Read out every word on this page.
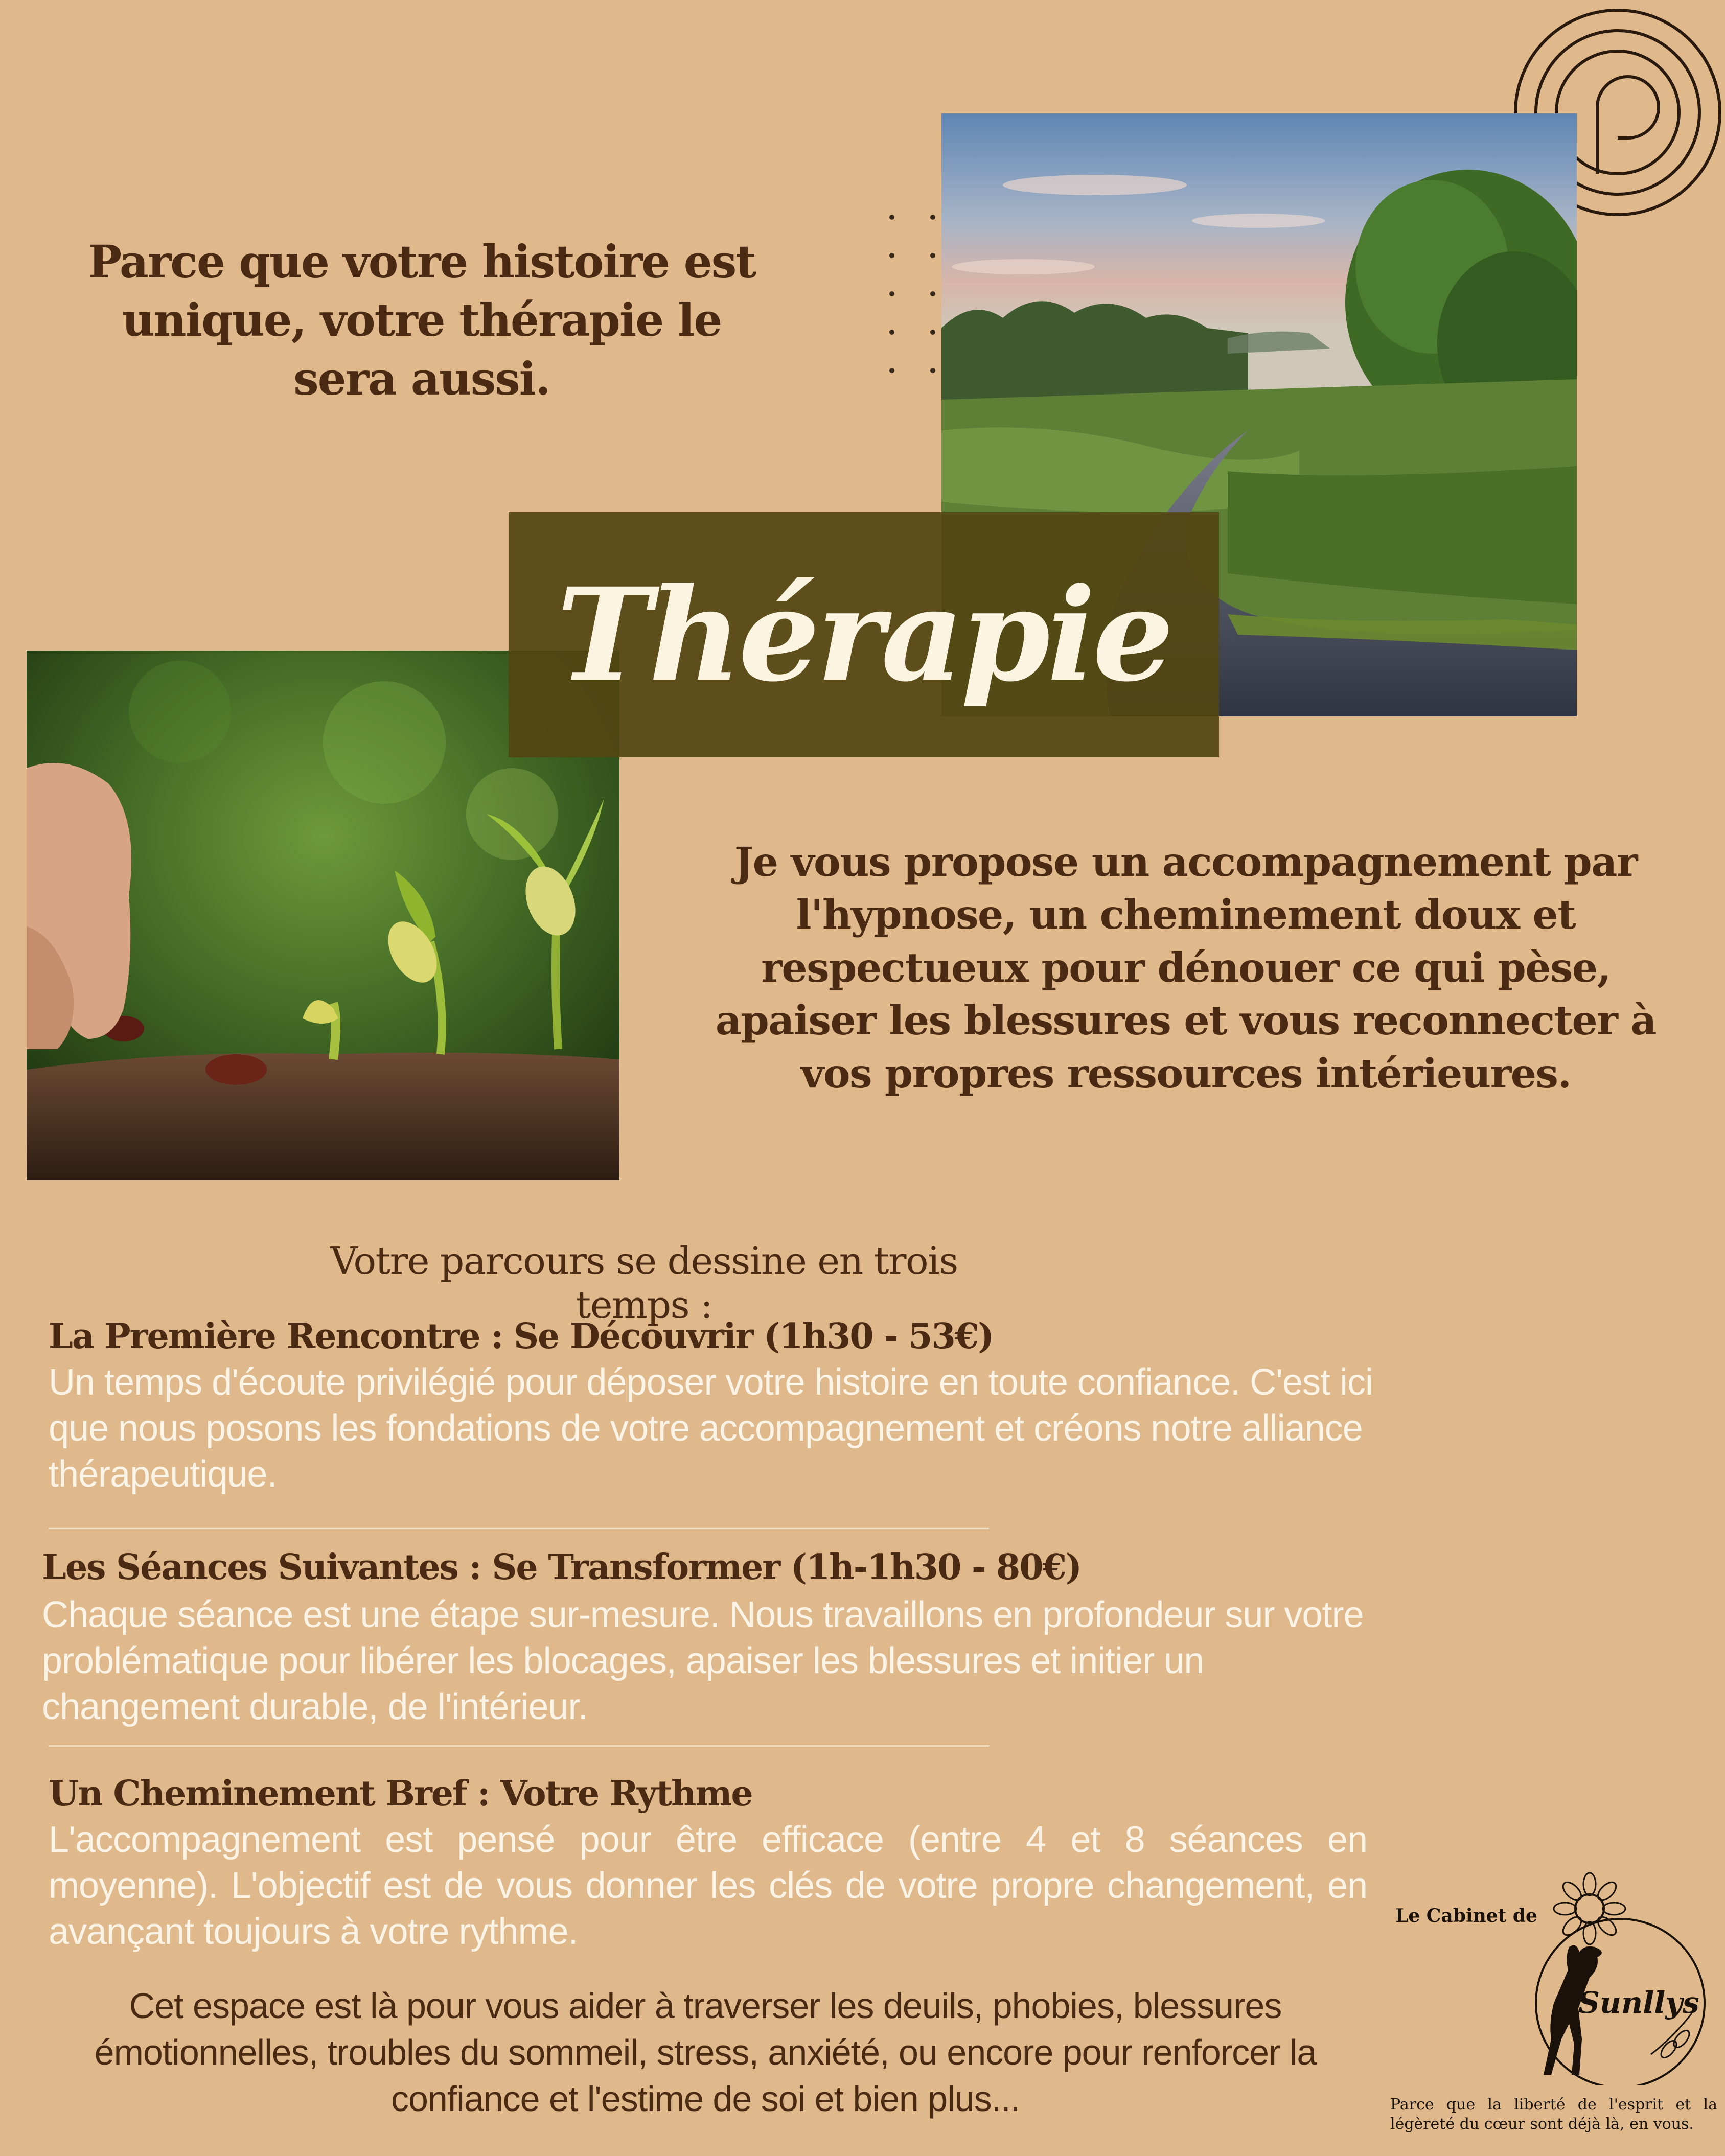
Parce que votre histoire est unique, votre thérapie le sera aussi.
Thérapie
Je vous propose un accompagnement par l'hypnose, un cheminement doux et respectueux pour dénouer ce qui pèse, apaiser les blessures et vous reconnecter à vos propres ressources intérieures.
Votre parcours se dessine en trois temps :
La Première Rencontre : Se Découvrir (1h30 - 53€)
Un temps d'écoute privilégié pour déposer votre histoire en toute confiance. C'est ici que nous posons les fondations de votre accompagnement et créons notre alliance thérapeutique.
Les Séances Suivantes : Se Transformer (1h-1h30 - 80€)
Chaque séance est une étape sur-mesure. Nous travaillons en profondeur sur votre problématique pour libérer les blocages, apaiser les blessures et initier un changement durable, de l'intérieur.
Un Cheminement Bref : Votre Rythme
L'accompagnement est pensé pour être efficace (entre 4 et 8 séances en moyenne). L'objectif est de vous donner les clés de votre propre changement, en avançant toujours à votre rythme.
Cet espace est là pour vous aider à traverser les deuils, phobies, blessures émotionnelles, troubles du sommeil, stress, anxiété, ou encore pour renforcer la confiance et l'estime de soi et bien plus...
Le Cabinet de
Sunllys
Parce que la liberté de l'esprit et la légèreté du cœur sont déjà là, en vous.
